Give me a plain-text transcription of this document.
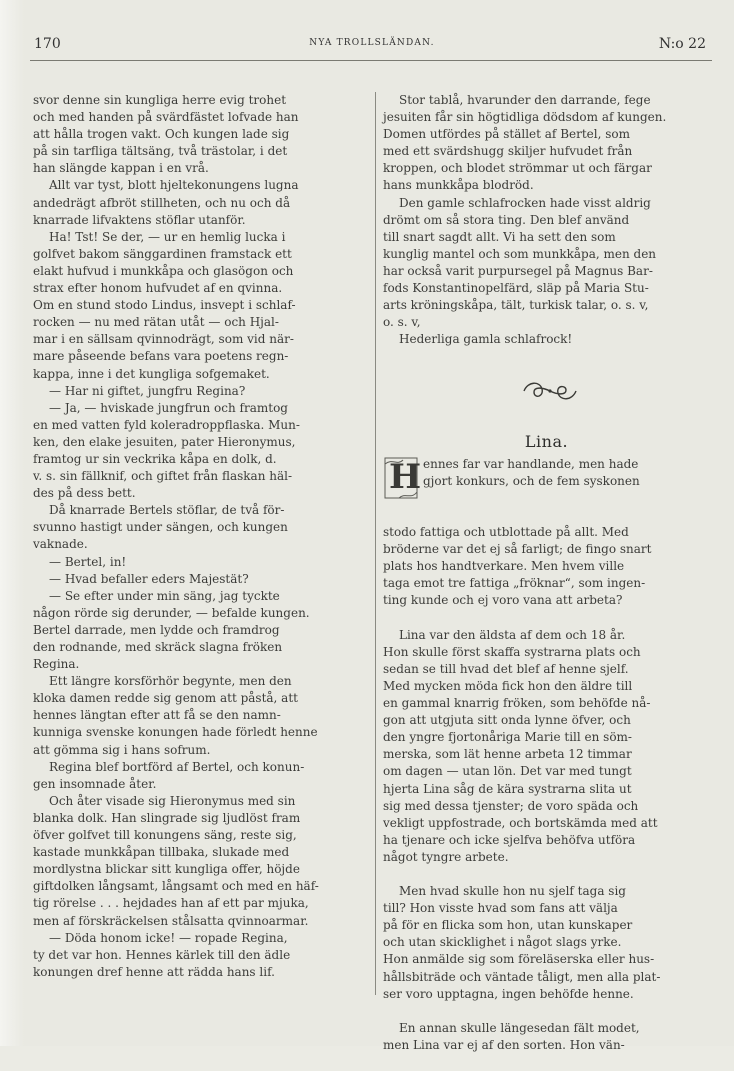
170	NYA TROLLSLÄNDAN.	N:o 22

svor denne sin kungliga herre evig trohet
och med handen på svärdfästet lofvade han
att hålla trogen vakt. Och kungen lade sig
på sin tarfliga tältsäng, två trästolar, i det
han slängde kappan i en vrå.

Allt var tyst, blott hjeltekonungens lugna
andedrägt afbröt stillheten, och nu och då
knarrade lifvaktens stöflar utanför.

Ha! Tst! Se der, — ur en hemlig lucka i
golfvet bakom sänggardinen framstack ett
elakt hufvud i munkkåpa och glasögon och
strax efter honom hufvudet af en qvinna.
Om en stund stodo Lindus, insvept i schlaf-
rocken — nu med rätan utåt — och Hjal-
mar i en sällsam qvinnodrägt, som vid när-
mare påseende befans vara poetens regn-
kappa, inne i det kungliga sofgemaket.

— Har ni giftet, jungfru Regina?

— Ja, — hviskade jungfrun och framtog
en med vatten fyld koleradroppflaska. Mun-
ken, den elake jesuiten, pater Hieronymus,
framtog ur sin veckrika kåpa en dolk, d.
v. s. sin fällknif, och giftet från flaskan häl-
des på dess bett.

Då knarrade Bertels stöflar, de två för-
svunno hastigt under sängen, och kungen
vaknade.

— Bertel, in!

— Hvad befaller eders Majestät?

— Se efter under min säng, jag tyckte
någon rörde sig derunder, — befalde kungen.
Bertel darrade, men lydde och framdrog
den rodnande, med skräck slagna fröken
Regina.

Ett längre korsförhör begynte, men den
kloka damen redde sig genom att påstå, att
hennes längtan efter att få se den namn-
kunniga svenske konungen hade förledt henne
att gömma sig i hans sofrum.

Regina blef bortförd af Bertel, och konun-
gen insomnade åter.

Och åter visade sig Hieronymus med sin
blanka dolk. Han slingrade sig ljudlöst fram
öfver golfvet till konungens säng, reste sig,
kastade munkkåpan tillbaka, slukade med
mordlystna blickar sitt kungliga offer, höjde
giftdolken långsamt, långsamt och med en häf-
tig rörelse . . . hejdades han af ett par mjuka,
men af förskräckelsen stålsatta qvinnoarmar.

— Döda honom icke! — ropade Regina,
ty det var hon. Hennes kärlek till den ädle
konungen dref henne att rädda hans lif.

Stor tablå, hvarunder den darrande, fege
jesuiten får sin högtidliga dödsdom af kungen.
Domen utfördes på stället af Bertel, som
med ett svärdshugg skiljer hufvudet från
kroppen, och blodet strömmar ut och färgar
hans munkkåpa blodröd.

Den gamle schlafrocken hade visst aldrig
drömt om så stora ting. Den blef använd
till snart sagdt allt. Vi ha sett den som
kunglig mantel och som munkkåpa, men den
har också varit purpursegel på Magnus Bar-
fods Konstantinopelfärd, släp på Maria Stu-
arts kröningskåpa, tält, turkisk talar, o. s. v,
o. s. v,

Hederliga gamla schlafrock!

Lina.
H ennes far var handlande, men hade
gjort konkurs, och de fem syskonen

stodo fattiga och utblottade på allt. Med
bröderne var det ej så farligt; de fingo snart
plats hos handtverkare. Men hvem ville
taga emot tre fattiga „fröknar“, som ingen-
ting kunde och ej voro vana att arbeta?

Lina var den äldsta af dem och 18 år.
Hon skulle först skaffa systrarna plats och
sedan se till hvad det blef af henne sjelf.
Med mycken möda fick hon den äldre till
en gammal knarrig fröken, som behöfde nå-
gon att utgjuta sitt onda lynne öfver, och
den yngre fjortonåriga Marie till en söm-
merska, som lät henne arbeta 12 timmar
om dagen — utan lön. Det var med tungt
hjerta Lina såg de kära systrarna slita ut
sig med dessa tjenster; de voro späda och
vekligt uppfostrade, och bortskämda med att
ha tjenare och icke sjelfva behöfva utföra
något tyngre arbete.

Men hvad skulle hon nu sjelf taga sig
till? Hon visste hvad som fans att välja
på för en flicka som hon, utan kunskaper
och utan skicklighet i något slags yrke.
Hon anmälde sig som föreläserska eller hus-
hållsbiträde och väntade tåligt, men alla plat-
ser voro upptagna, ingen behöfde henne.

En annan skulle längesedan fält modet,
men Lina var ej af den sorten. Hon vän-
